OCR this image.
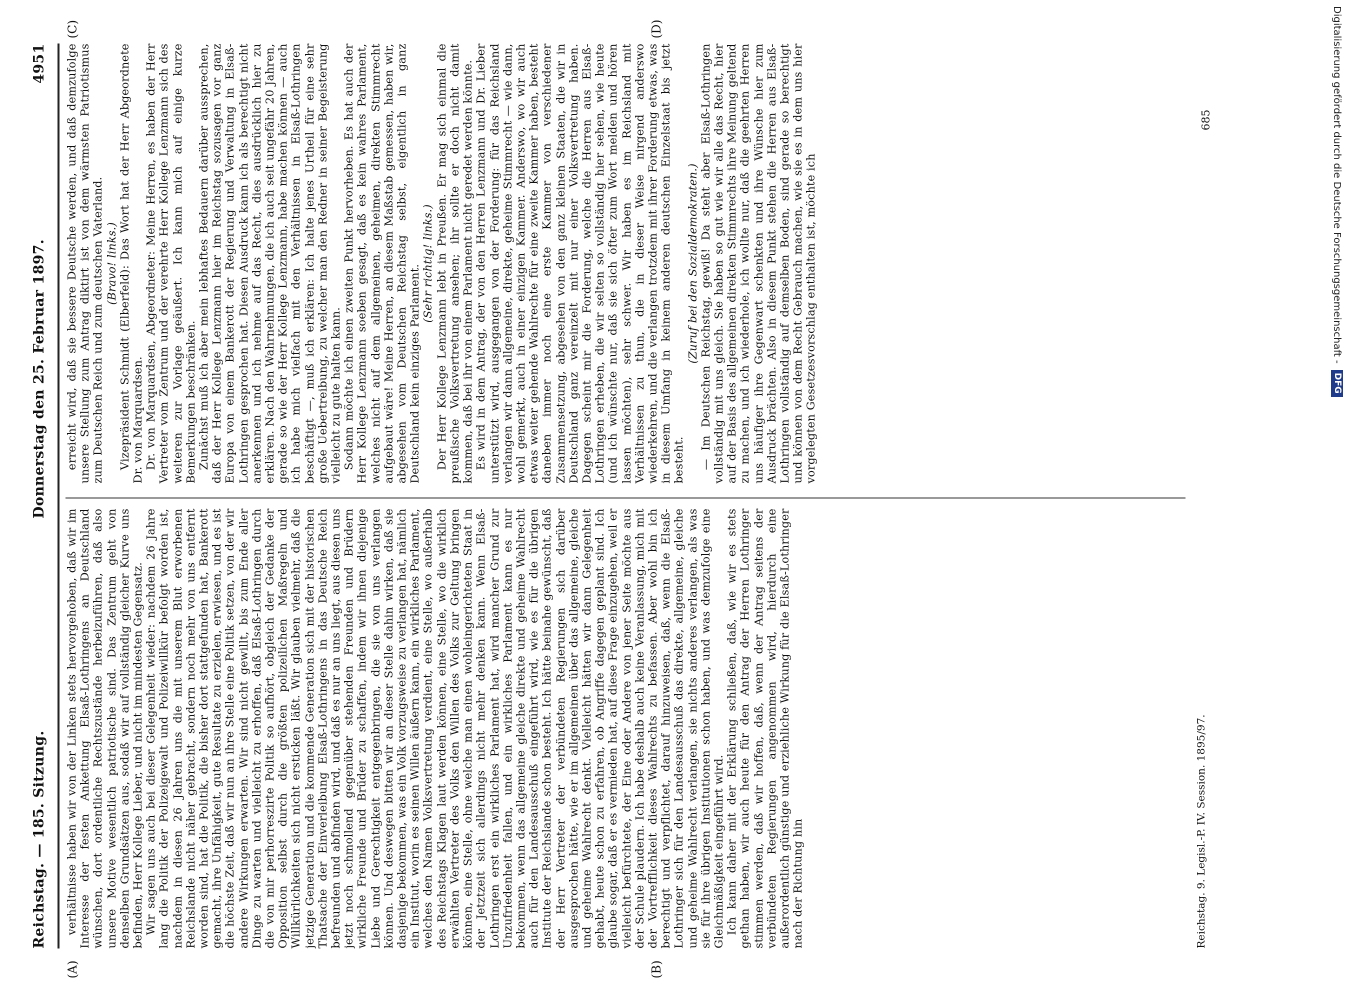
Reichstag. — 185. Sitzung.
Donnerstag den 25. Februar 1897.
4951
(A)	(B)
(C)	(D)

verhältnisse haben wir von der Linken stets hervorgehoben, daß wir im Interesse der festen Ankettung Elsaß-Lothringens an Deutschland wünschen, dort ordentliche Rechtszustände herbeizuführen, daß also unsere Motive wesentlich patriotische sind. Das Zentrum geht von denselben Grundsätzen aus, sodaß wir auf vollständig gleicher Kurve uns befinden, Herr Kollege Lieber, und nicht im mindesten Gegensatz. Wir sagen uns auch bei dieser Gelegenheit wieder: nachdem 26 Jahre lang die Politik der Polizeigewalt und Polizeiwillkür befolgt worden ist, nachdem in diesen 26 Jahren uns die mit unserem Blut erworbenen Reichslande nicht näher gebracht, sondern noch mehr von uns entfernt worden sind, hat die Politik, die bisher dort stattgefunden hat, Bankerott gemacht, ihre Unfähigkeit, gute Resultate zu erzielen, erwiesen, und es ist die höchste Zeit, daß wir nun an ihre Stelle eine Politik setzen, von der wir andere Wirkungen erwarten. Wir sind nicht gewillt, bis zum Ende aller Dinge zu warten und vielleicht zu erhoffen, daß Elsaß-Lothringen durch die von mir perhorreszirte Politik so aufhört, obgleich der Gedanke der Opposition selbst durch die größten polizeilichen Maßregeln und Willkürlichkeiten sich nicht ersticken läßt. Wir glauben vielmehr, daß die jetzige Generation und die kommende Generation sich mit der historischen Thatsache der Einverleibung Elsaß-Lothringens in das Deutsche Reich befreunden und abfinden wird, und daß es nur an uns liegt, aus diesen uns jetzt noch schmollend gegenüber stehenden Freunden und Brüdern wirkliche Freunde und Brüder zu schaffen, indem wir ihnen diejenige Liebe und Gerechtigkeit entgegenbringen, die sie von uns verlangen können. Und deswegen bitten wir an dieser Stelle dahin wirken, daß sie dasjenige bekommen, was ein Volk vorzugsweise zu verlangen hat, nämlich ein Institut, worin es seinen Willen äußern kann, ein wirkliches Parlament, welches den Namen Volksvertretung verdient, eine Stelle, wo außerhalb des Reichstags Klagen laut werden können, eine Stelle, wo die wirklich erwählten Vertreter des Volks den Willen des Volks zur Geltung bringen können, eine Stelle, ohne welche man einen wohleingerichteten Staat in der Jetztzeit sich allerdings nicht mehr denken kann. Wenn Elsaß-Lothringen erst ein wirkliches Parlament hat, wird mancher Grund zur Unzufriedenheit fallen, und ein wirkliches Parlament kann es nur bekommen, wenn das allgemeine gleiche direkte und geheime Wahlrecht auch für den Landesausschuß eingeführt wird, wie es für die übrigen Institute der Reichslande schon besteht. Ich hätte beinahe gewünscht, daß der Herr Vertreter der verbündeten Regierungen sich darüber ausgesprochen hätte, wie er im allgemeinen über das allgemeine, gleiche und geheime Wahlrecht denkt. Vielleicht hätten wir dann Gelegenheit gehabt, heute schon zu erfahren, ob Angriffe dagegen geplant sind. Ich glaube sogar, daß er es vermieden hat, auf diese Frage einzugehen, weil er vielleicht befürchtete, der Eine oder Andere von jener Seite möchte aus der Schule plaudern. Ich habe deshalb auch keine Veranlassung, mich mit der Vortrefflichkeit dieses Wahlrechts zu befassen. Aber wohl bin ich berechtigt und verpflichtet, darauf hinzuweisen, daß, wenn die Elsaß-Lothringer sich für den Landesausschuß das direkte, allgemeine, gleiche und geheime Wahlrecht verlangen, sie nichts anderes verlangen, als was sie für ihre übrigen Institutionen schon haben, und was demzufolge eine Gleichmäßigkeit eingeführt wird. Ich kann daher mit der Erklärung schließen, daß, wie wir es stets gethan haben, wir auch heute für den Antrag der Herren Lothringer stimmen werden, daß wir hoffen, daß, wenn der Antrag seitens der verbündeten Regierungen angenommen wird, hierdurch eine außerordentlich günstige und erziehliche Wirkung für die Elsaß-Lothringer nach der Richtung hin

erreicht wird, daß sie bessere Deutsche werden, und daß demzufolge unsere Stellung zum Antrag diktirt ist von dem wärmsten Patriotismus zum Deutschen Reich und zum deutschen Vaterland. (Bravo! links.) Vizepräsident Schmidt (Elberfeld): Das Wort hat der Herr Abgeordnete Dr. von Marquardsen. Dr. von Marquardsen, Abgeordneter: Meine Herren, es haben der Herr Vertreter vom Zentrum und der verehrte Herr Kollege Lenzmann sich des weiteren zur Vorlage geäußert. Ich kann mich auf einige kurze Bemerkungen beschränken. Zunächst muß ich aber mein lebhaftes Bedauern darüber aussprechen, daß der Herr Kollege Lenzmann hier im Reichstag sozusagen vor ganz Europa von einem Bankerott der Regierung und Verwaltung in Elsaß-Lothringen gesprochen hat. Diesen Ausdruck kann ich als berechtigt nicht anerkennen und ich nehme auf das Recht, dies ausdrücklich hier zu erklären. Nach den Wahrnehmungen, die ich auch seit ungefähr 20 Jahren, gerade so wie der Herr Kollege Lenzmann, habe machen können — auch ich habe mich vielfach mit den Verhältnissen in Elsaß-Lothringen beschäftigt —, muß ich erklären: Ich halte jenes Urtheil für eine sehr große Uebertreibung, zu welcher man den Redner in seiner Begeisterung vielleicht zu gute halten kann. Sodann möchte ich einen zweiten Punkt hervorheben. Es hat auch der Herr Kollege Lenzmann soeben gesagt, daß es kein wahres Parlament, welches nicht auf dem allgemeinen, geheimen, direkten Stimmrecht aufgebaut wäre! Meine Herren, an diesem Maßstab gemessen, haben wir, abgesehen vom Deutschen Reichstag selbst, eigentlich in ganz Deutschland kein einziges Parlament.

(Sehr richtig! links.) Der Herr Kollege Lenzmann lebt in Preußen. Er mag sich einmal die preußische Volksvertretung ansehen; ihr sollte er doch nicht damit kommen, daß bei ihr von einem Parlament nicht geredet werden könnte. Es wird in dem Antrag, der von den Herren Lenzmann und Dr. Lieber unterstützt wird, ausgegangen von der Forderung: für das Reichsland verlangen wir dann allgemeine, direkte, geheime Stimmrecht — wie dann, wohl gemerkt, auch in einer einzigen Kammer. Anderswo, wo wir auch etwas weiter gehende Wahlrechte für eine zweite Kammer haben, besteht daneben immer noch eine erste Kammer von verschiedener Zusammensetzung, abgesehen von den ganz kleinen Staaten, die wir in Deutschland ganz vereinzelt mit nur einer Volksvertretung haben. Dagegen scheint mir die Forderung, welche die Herren aus Elsaß-Lothringen erheben, die wir selten so vollständig hier sehen, wie heute (und ich wünschte nur, daß sie sich öfter zum Wort melden und hören lassen möchten), sehr schwer. Wir haben es im Reichsland mit Verhältnissen zu thun, die in dieser Weise nirgend anderswo wiederkehren, und die verlangen trotzdem mit ihrer Forderung etwas, was in diesem Umfang in keinem anderen deutschen Einzelstaat bis jetzt besteht.

(Zuruf bei den Sozialdemokraten.) — Im Deutschen Reichstag, gewiß! Da steht aber Elsaß-Lothringen vollständig mit uns gleich. Sie haben so gut wie wir alle das Recht, hier auf der Basis des allgemeinen direkten Stimmrechts ihre Meinung geltend zu machen, und ich wiederhole, ich wollte nur, daß die geehrten Herren uns häufiger ihre Gegenwart schenkten und ihre Wünsche hier zum Ausdruck brächten. Also in diesem Punkt stehen die Herren aus Elsaß-Lothringen vollständig auf demselben Boden, sind gerade so berechtigt und können von dem Recht Gebrauch machen, wie sie es in dem uns hier vorgelegten Gesetzesvorschlag enthalten ist, möchte ich

Reichstag. 9. Legisl.-P. IV. Session. 1895/97.
685	Digitalisierung gefördert durch die Deutsche Forschungsgemeinschaft -
DFG
